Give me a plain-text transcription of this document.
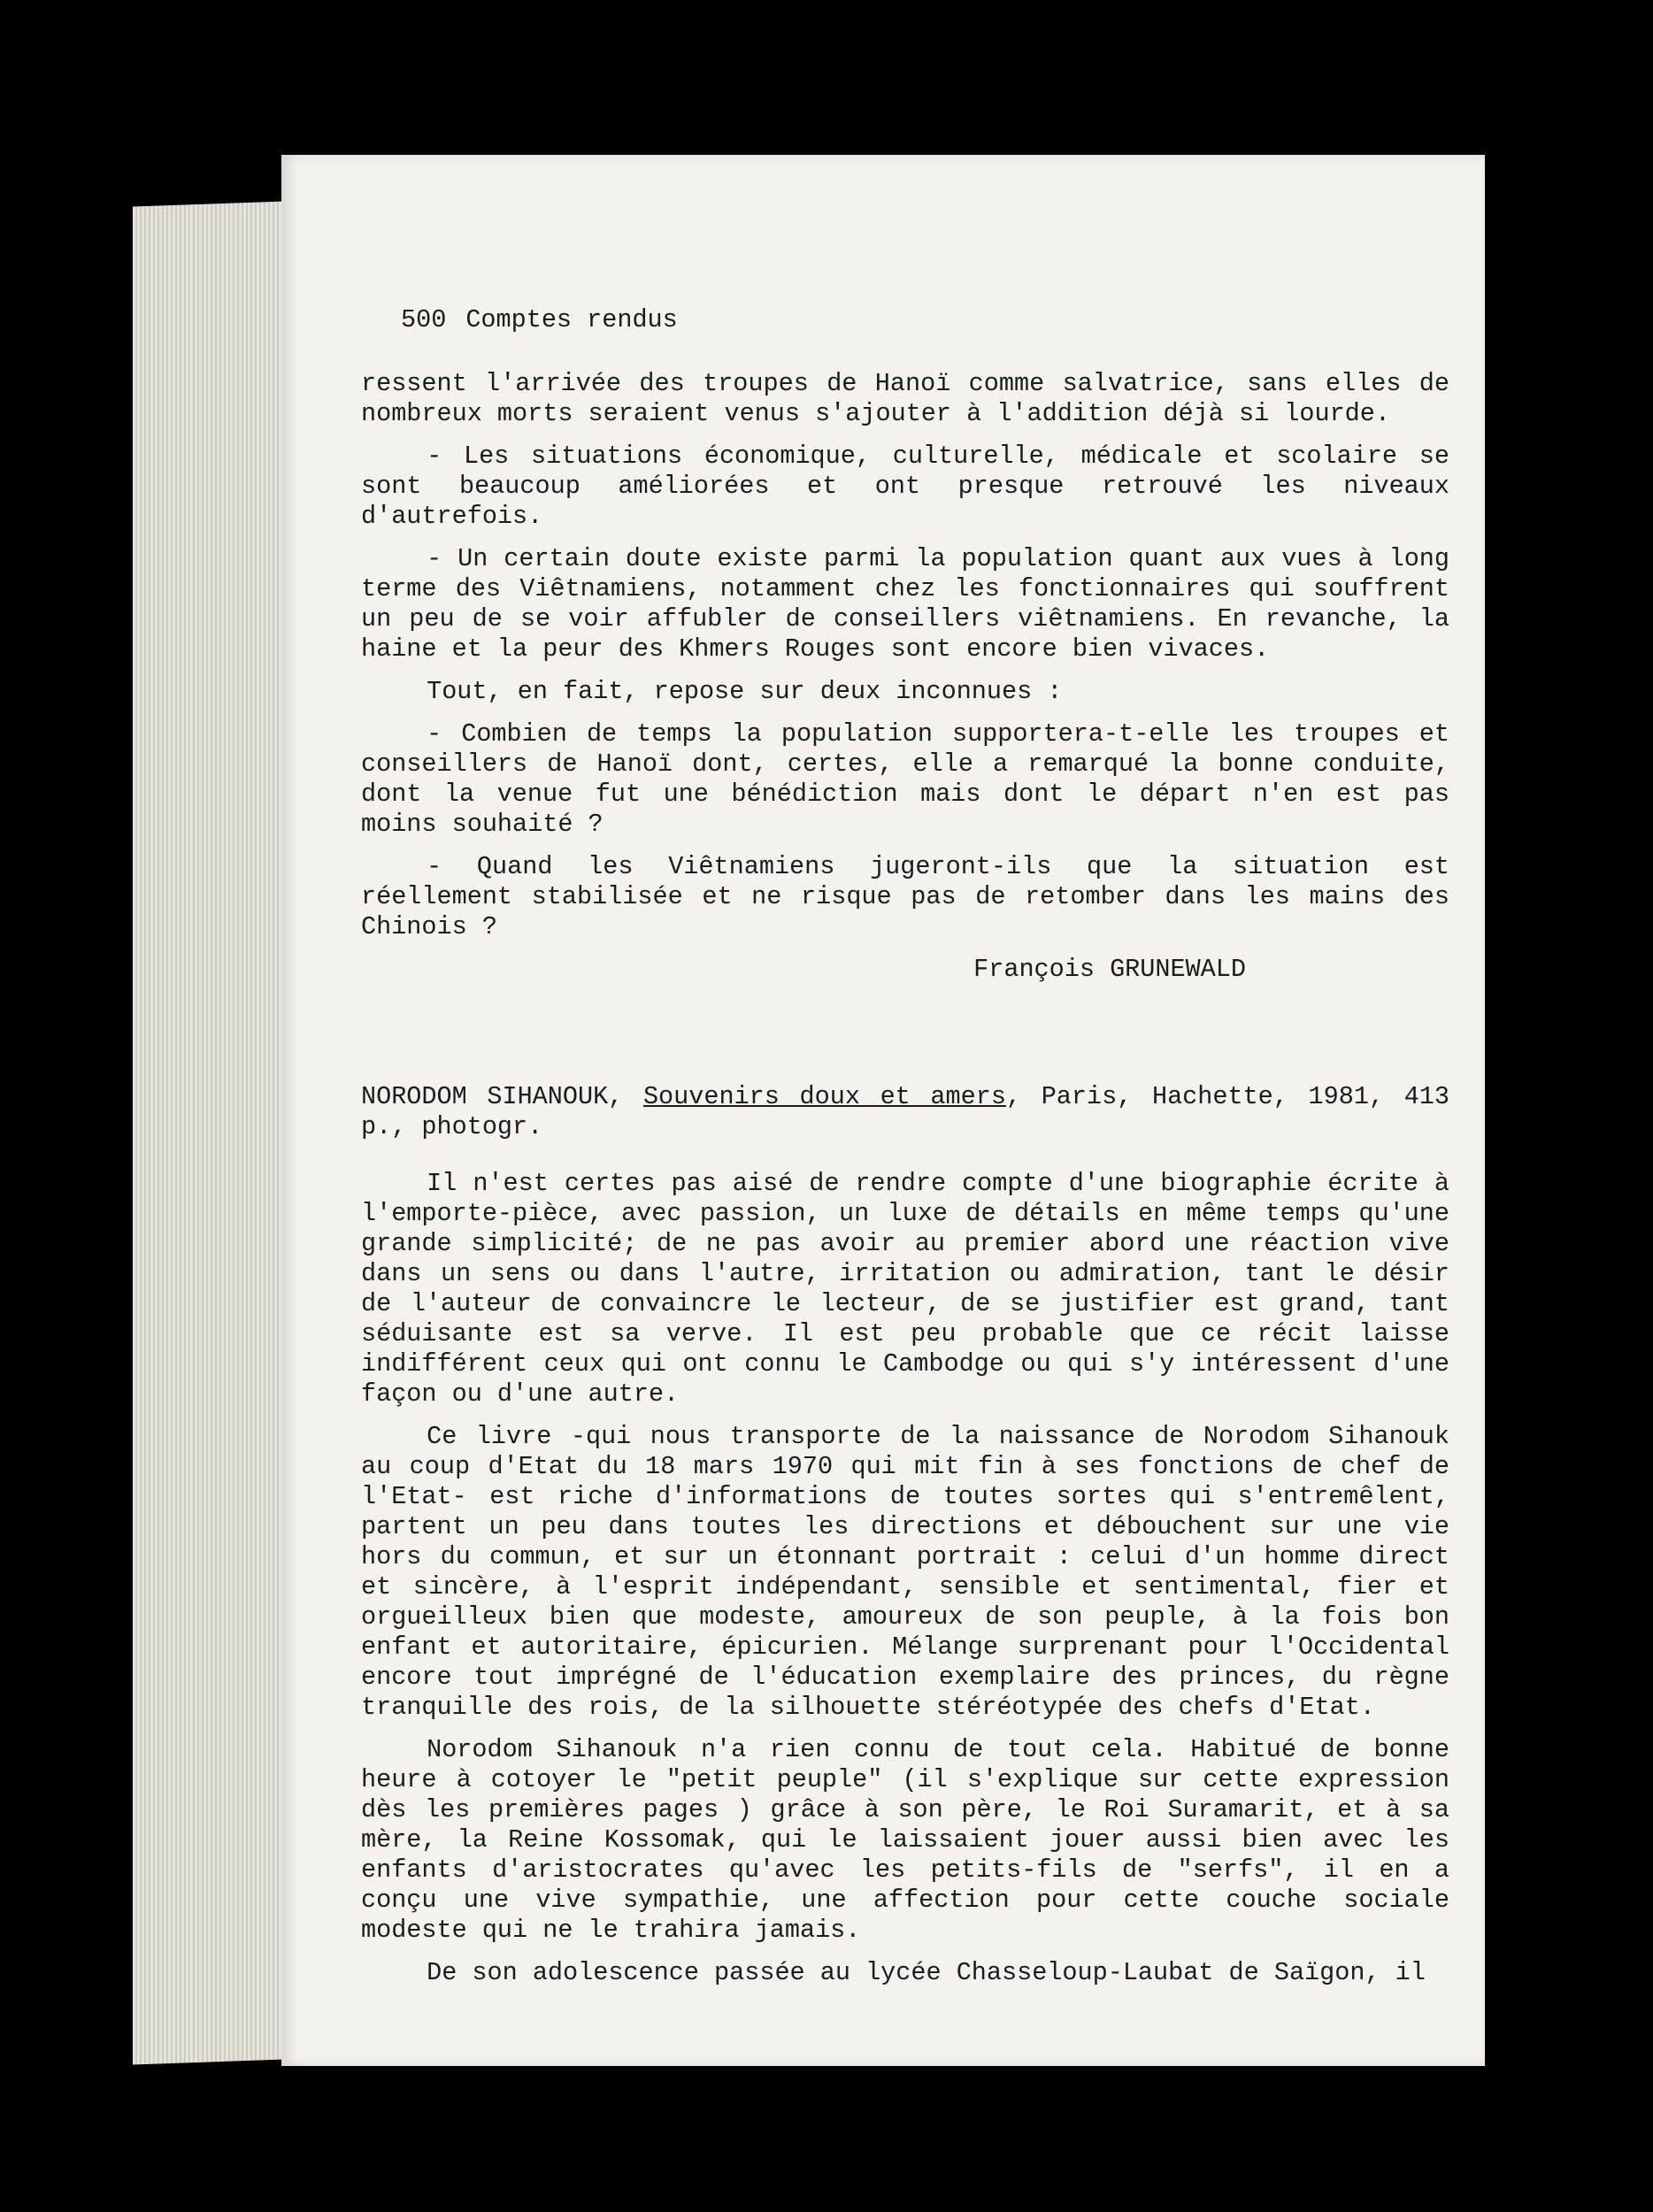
500 Comptes rendus

ressent l'arrivée des troupes de Hanoï comme salvatrice, sans elles de nombreux morts seraient venus s'ajouter à l'addition déjà si lourde.

- Les situations économique, culturelle, médicale et scolaire se sont beaucoup améliorées et ont presque retrouvé les niveaux d'autrefois.

- Un certain doute existe parmi la population quant aux vues à long terme des Viêtnamiens, notamment chez les fonctionnaires qui souffrent un peu de se voir affubler de conseillers viêtnamiens. En revanche, la haine et la peur des Khmers Rouges sont encore bien vivaces.

Tout, en fait, repose sur deux inconnues :

- Combien de temps la population supportera-t-elle les troupes et conseillers de Hanoï dont, certes, elle a remarqué la bonne conduite, dont la venue fut une bénédiction mais dont le départ n'en est pas moins souhaité ?

- Quand les Viêtnamiens jugeront-ils que la situation est réellement stabilisée et ne risque pas de retomber dans les mains des Chinois ?

François GRUNEWALD

NORODOM SIHANOUK, Souvenirs doux et amers, Paris, Hachette, 1981, 413 p., photogr.

Il n'est certes pas aisé de rendre compte d'une biographie écrite à l'emporte-pièce, avec passion, un luxe de détails en même temps qu'une grande simplicité; de ne pas avoir au premier abord une réaction vive dans un sens ou dans l'autre, irritation ou admiration, tant le désir de l'auteur de convaincre le lecteur, de se justifier est grand, tant séduisante est sa verve. Il est peu probable que ce récit laisse indifférent ceux qui ont connu le Cambodge ou qui s'y intéressent d'une façon ou d'une autre.

Ce livre -qui nous transporte de la naissance de Norodom Sihanouk au coup d'Etat du 18 mars 1970 qui mit fin à ses fonctions de chef de l'Etat- est riche d'informations de toutes sortes qui s'entremêlent, partent un peu dans toutes les directions et débouchent sur une vie hors du commun, et sur un étonnant portrait : celui d'un homme direct et sincère, à l'esprit indépendant, sensible et sentimental, fier et orgueilleux bien que modeste, amoureux de son peuple, à la fois bon enfant et autoritaire, épicurien. Mélange surprenant pour l'Occidental encore tout imprégné de l'éducation exemplaire des princes, du règne tranquille des rois, de la silhouette stéréotypée des chefs d'Etat.

Norodom Sihanouk n'a rien connu de tout cela. Habitué de bonne heure à cotoyer le "petit peuple" (il s'explique sur cette expression dès les premières pages ) grâce à son père, le Roi Suramarit, et à sa mère, la Reine Kossomak, qui le laissaient jouer aussi bien avec les enfants d'aristocrates qu'avec les petits-fils de "serfs", il en a conçu une vive sympathie, une affection pour cette couche sociale modeste qui ne le trahira jamais.

De son adolescence passée au lycée Chasseloup-Laubat de Saïgon, il
